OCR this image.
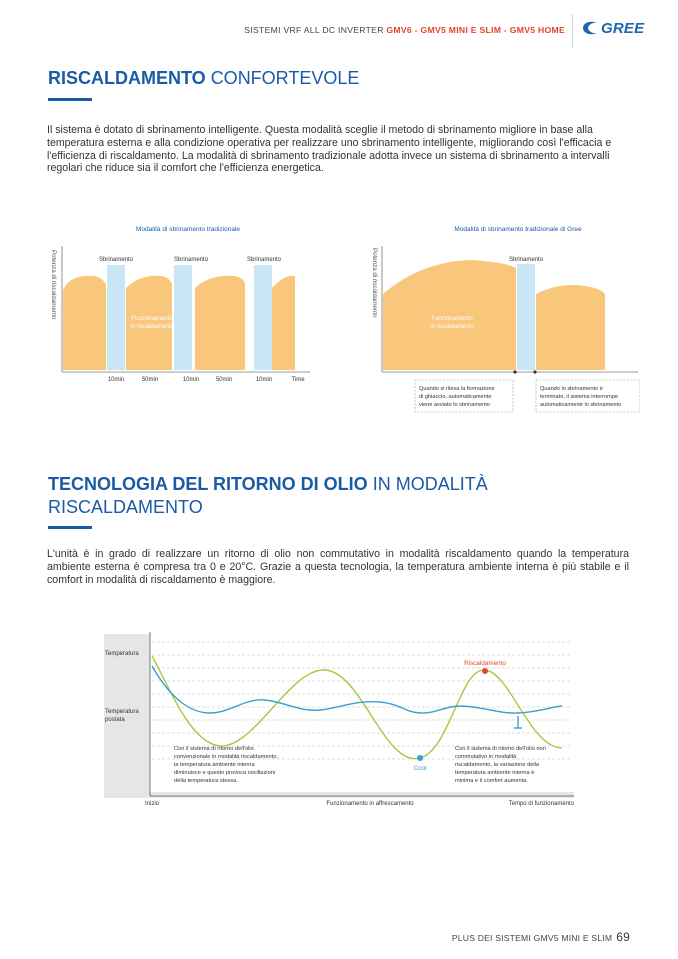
SISTEMI VRF ALL DC INVERTER GMV6 - GMV5 MINI E SLIM - GMV5 HOME GREE
RISCALDAMENTO CONFORTEVOLE
Il sistema è dotato di sbrinamento intelligente. Questa modalità sceglie il metodo di sbrinamento migliore in base alla temperatura esterna e alla condizione operativa per realizzare uno sbrinamento intelligente, migliorando così l'efficacia e l'efficienza di riscaldamento. La modalità di sbrinamento tradizionale adotta invece un sistema di sbrinamento a intervalli regolari che riduce sia il comfort che l'efficienza energetica.
Modalità di sbrinamento tradizionale
Potenza di riscaldamento	Sbrinamento	Sbrinamento	Sbrinamento
Funzionamento
in riscaldamento
10min	50min	10min	50min	10min	Time
Modalità di sbrinamento tradizionale di Gree
Potenza di riscaldamento	Sbrinamento
Funzionamento
in riscaldamento
Quando si rileva la formazione
di ghiaccio, automaticamente
viene avviato lo sbrinamento
Quando lo sbrinamento è
terminato, il sistema interrompe
automaticamente lo sbrinamento
TECNOLOGIA DEL RITORNO DI OLIO IN MODALITÀ
RISCALDAMENTO
L'unità è in grado di realizzare un ritorno di olio non commutativo in modalità riscaldamento quando la temperatura ambiente esterna è compresa tra 0 e 20°C. Grazie a questa tecnologia, la temperatura ambiente interna è più stabile e il comfort in modalità di riscaldamento è maggiore.
Temperatura
Temperatura
postata
Riscaldamento
Cool
Con il sistema di ritorno dell'olio
convenzionale in modalità riscaldamento,
la temperatura ambiente interna
diminuisce e questo provoca oscillazioni
della temperatura stessa.
Con il sistema di ritorno dell'olio non
commutativo in modalità
riscaldamento, la variazione della
temperatura ambiente interna è
minima e il comfort aumenta.
Inizio	Funzionamento in affrescamento	Tempo di funzionamento
PLUS DEI SISTEMI GMV5 MINI E SLIM 69
